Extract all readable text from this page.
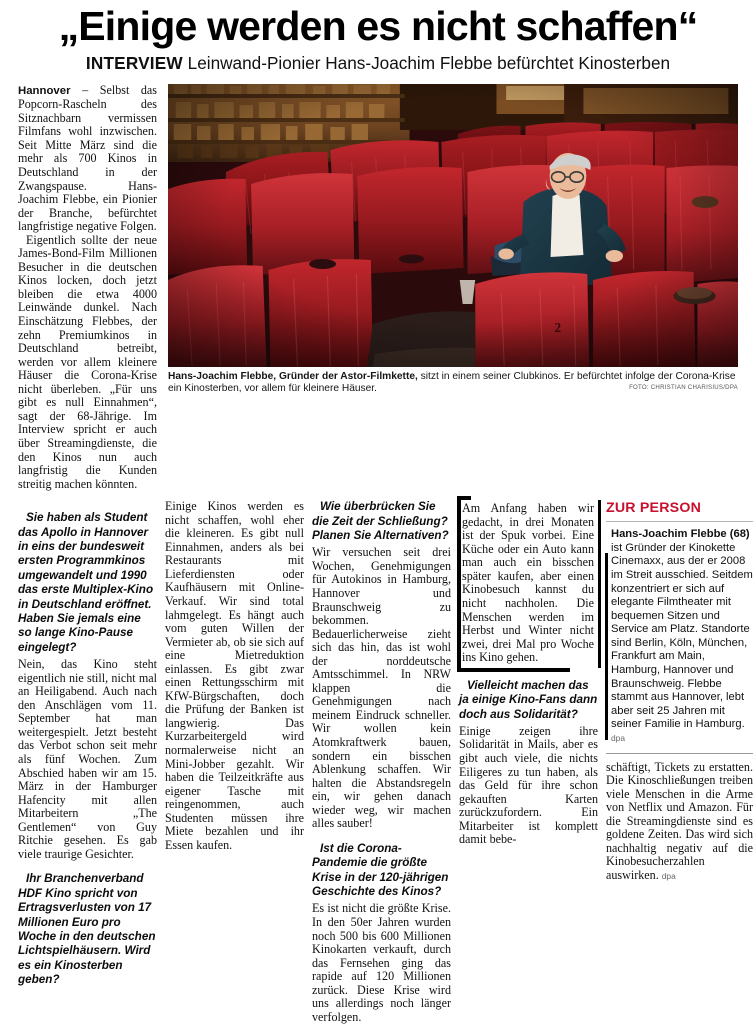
„Einige werden es nicht schaffen“
INTERVIEW Leinwand-Pionier Hans-Joachim Flebbe befürchtet Kinosterben

Hannover – Selbst das Popcorn-Rascheln des Sitznachbarn vermissen Filmfans wohl inzwischen. Seit Mitte März sind die mehr als 700 Kinos in Deutschland in der Zwangspause. Hans-Joachim Flebbe, ein Pionier der Branche, befürchtet langfristige negative Folgen.

Eigentlich sollte der neue James-Bond-Film Millionen Besucher in die deutschen Kinos locken, doch jetzt bleiben die etwa 4000 Leinwände dunkel. Nach Einschätzung Flebbes, der zehn Premiumkinos in Deutschland betreibt, werden vor allem kleinere Häuser die Corona-Krise nicht überleben. „Für uns gibt es null Einnahmen“, sagt der 68-Jährige. Im Interview spricht er auch über Streamingdienste, die den Kinos nun auch langfristig die Kunden streitig machen könnten.

Hans-Joachim Flebbe, Gründer der Astor-Filmkette, sitzt in einem seiner Clubkinos. Er befürchtet infolge der Corona-Krise ein Kinosterben, vor allem für kleinere Häuser.	FOTO: CHRISTIAN CHARISIUS/DPA
Sie haben als Student das Apollo in Hannover in eins der bundesweit ersten Programmkinos umgewandelt und 1990 das erste Multiplex-Kino in Deutschland eröffnet. Haben Sie jemals eine so lange Kino-Pause eingelegt?

Nein, das Kino steht eigentlich nie still, nicht mal an Heiligabend. Auch nach den Anschlägen vom 11. September hat man weitergespielt. Jetzt besteht das Verbot schon seit mehr als fünf Wochen. Zum Abschied haben wir am 15. März in der Hamburger Hafencity mit allen Mitarbeitern „The Gentlemen“ von Guy Ritchie gesehen. Es gab viele traurige Gesichter.

Ihr Branchenverband HDF Kino spricht von Ertragsverlusten von 17 Millionen Euro pro Woche in den deutschen Lichtspielhäusern. Wird es ein Kinosterben geben?

Einige Kinos werden es nicht schaffen, wohl eher die kleineren. Es gibt null Einnahmen, anders als bei Restaurants mit Lieferdiensten oder Kaufhäusern mit Online-Verkauf. Wir sind total lahmgelegt. Es hängt auch vom guten Willen der Vermieter ab, ob sie sich auf eine Mietreduktion einlassen. Es gibt zwar einen Rettungsschirm mit KfW-Bürgschaften, doch die Prüfung der Banken ist langwierig. Das Kurzarbeitergeld wird normalerweise nicht an Mini-Jobber gezahlt. Wir haben die Teilzeitkräfte aus eigener Tasche mit reingenommen, auch Studenten müssen ihre Miete bezahlen und ihr Essen kaufen.

Wie überbrücken Sie die Zeit der Schließung? Planen Sie Alternativen?

Wir versuchen seit drei Wochen, Genehmigungen für Autokinos in Hamburg, Hannover und Braunschweig zu bekommen. Bedauerlicherweise zieht sich das hin, das ist wohl der norddeutsche Amtsschimmel. In NRW klappen die Genehmigungen nach meinem Eindruck schneller. Wir wollen kein Atomkraftwerk bauen, sondern ein bisschen Ablenkung schaffen. Wir halten die Abstandsregeln ein, wir gehen danach wieder weg, wir machen alles sauber!

Ist die Corona-Pandemie die größte Krise in der 120-jährigen Geschichte des Kinos?

Es ist nicht die größte Krise. In den 50er Jahren wurden noch 500 bis 600 Millionen Kinokarten verkauft, durch das Fernsehen ging das rapide auf 120 Millionen zurück. Diese Krise wird uns allerdings noch länger verfolgen.

Am Anfang haben wir gedacht, in drei Monaten ist der Spuk vorbei. Eine Küche oder ein Auto kann man auch ein bisschen später kaufen, aber einen Kinobesuch kannst du nicht nachholen. Die Menschen werden im Herbst und Winter nicht zwei, drei Mal pro Woche ins Kino gehen.

Vielleicht machen das ja einige Kino-Fans dann doch aus Solidarität?

Einige zeigen ihre Solidarität in Mails, aber es gibt auch viele, die nichts Eiligeres zu tun haben, als das Geld für ihre schon gekauften Karten zurückzufordern. Ein Mitarbeiter ist komplett damit bebe-

ZUR PERSON
Hans-Joachim Flebbe (68) ist Gründer der Kinokette Cinemaxx, aus der er 2008 im Streit ausschied. Seitdem konzentriert er sich auf elegante Filmtheater mit bequemen Sitzen und Service am Platz. Standorte sind Berlin, Köln, München, Frankfurt am Main, Hamburg, Hannover und Braunschweig. Flebbe stammt aus Hannover, lebt aber seit 25 Jahren mit seiner Familie in Hamburg. dpa

schäftigt, Tickets zu erstatten. Die Kinoschließungen treiben viele Menschen in die Arme von Netflix und Amazon. Für die Streamingdienste sind es goldene Zeiten. Das wird sich nachhaltig negativ auf die Kinobesucherzahlen auswirken. dpa
